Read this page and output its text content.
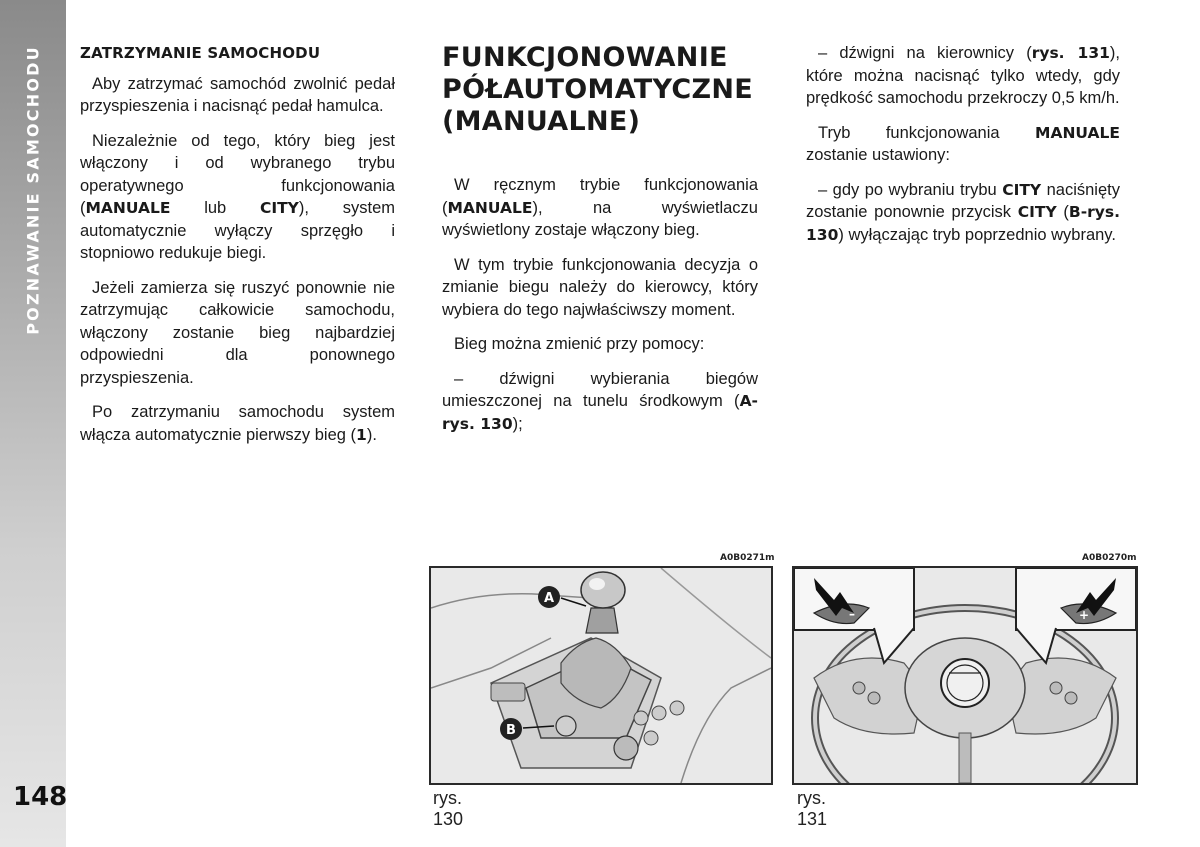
POZNAWANIE SAMOCHODU
148
ZATRZYMANIE SAMOCHODU

Aby zatrzymać samochód zwolnić pedał przyspieszenia i nacisnąć pedał hamulca.

Niezależnie od tego, który bieg jest włączony i od wybranego trybu operatywnego funkcjonowania (MANUALE lub CITY), system automatycznie wyłączy sprzęgło i stopniowo redukuje biegi.

Jeżeli zamierza się ruszyć ponownie nie zatrzymując całkowicie samochodu, włączony zostanie bieg najbardziej odpowiedni dla ponownego przyspieszenia.

Po zatrzymaniu samochodu system włącza automatycznie pierwszy bieg (1).

FUNKCJONOWANIE
PÓŁAUTOMATYCZNE
(MANUALNE)

W ręcznym trybie funkcjonowania (MANUALE), na wyświetlaczu wyświetlony zostaje włączony bieg.

W tym trybie funkcjonowania decyzja o zmianie biegu należy do kierowcy, który wybiera do tego najwłaściwszy moment.

Bieg można zmienić przy pomocy:

– dźwigni wybierania biegów umieszczonej na tunelu środkowym (A-rys. 130);

– dźwigni na kierownicy (rys. 131), które można nacisnąć tylko wtedy, gdy prędkość samochodu przekroczy 0,5 km/h.

Tryb funkcjonowania MANUALE zostanie ustawiony:

– gdy po wybraniu trybu CITY naciśnięty zostanie ponownie przycisk CITY (B-rys. 130) wyłączając tryb poprzednio wybrany.

A0B0271m
A
B
rys. 130
A0B0270m
–	+
rys. 131
